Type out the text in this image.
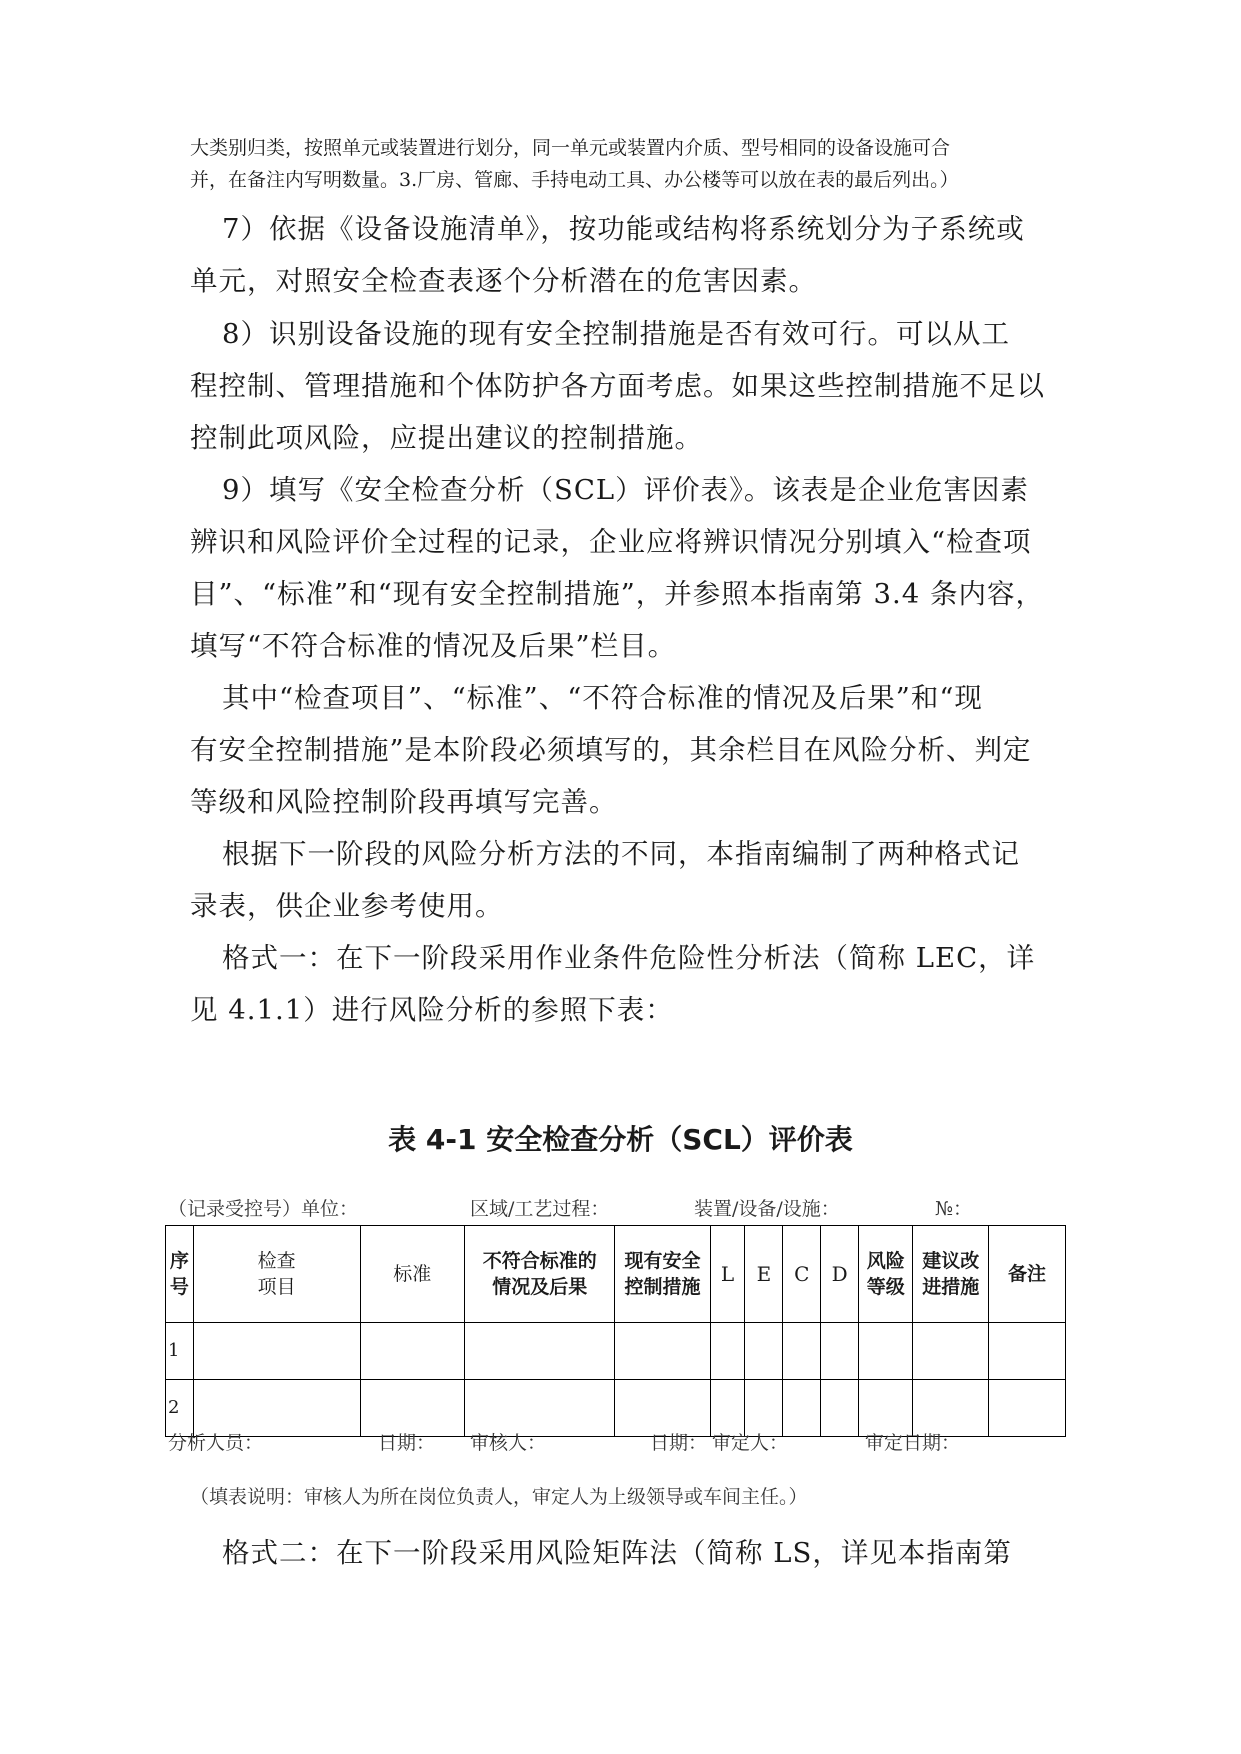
大类别归类，按照单元或装置进行划分，同一单元或装置内介质、型号相同的设备设施可合
并，在备注内写明数量。3.厂房、管廊、手持电动工具、办公楼等可以放在表的最后列出。）
7）依据《设备设施清单》，按功能或结构将系统划分为子系统或
单元，对照安全检查表逐个分析潜在的危害因素。
8）识别设备设施的现有安全控制措施是否有效可行。可以从工
程控制、管理措施和个体防护各方面考虑。如果这些控制措施不足以
控制此项风险，应提出建议的控制措施。
9）填写《安全检查分析（SCL）评价表》。该表是企业危害因素
辨识和风险评价全过程的记录，企业应将辨识情况分别填入“检查项
目”、“标准”和“现有安全控制措施”，并参照本指南第 3.4 条内容，
填写“不符合标准的情况及后果”栏目。
其中“检查项目”、“标准”、“不符合标准的情况及后果”和“现
有安全控制措施”是本阶段必须填写的，其余栏目在风险分析、判定
等级和风险控制阶段再填写完善。
根据下一阶段的风险分析方法的不同，本指南编制了两种格式记
录表，供企业参考使用。
格式一：在下一阶段采用作业条件危险性分析法（简称 LEC，详
见 4.1.1）进行风险分析的参照下表：
表 4-1 安全检查分析（SCL）评价表
（记录受控号）单位：	区域/工艺过程：	装置/设备/设施：	№：
序
号	检查
项目	标准	不符合标准的
情况及后果	现有安全
控制措施	L	E	C	D	风险
等级	建议改
进措施	备注
1											
2											
分析人员：	日期： 审核人：	日期： 审定人：	审定日期：
（填表说明：审核人为所在岗位负责人，审定人为上级领导或车间主任。）
格式二：在下一阶段采用风险矩阵法（简称 LS，详见本指南第
